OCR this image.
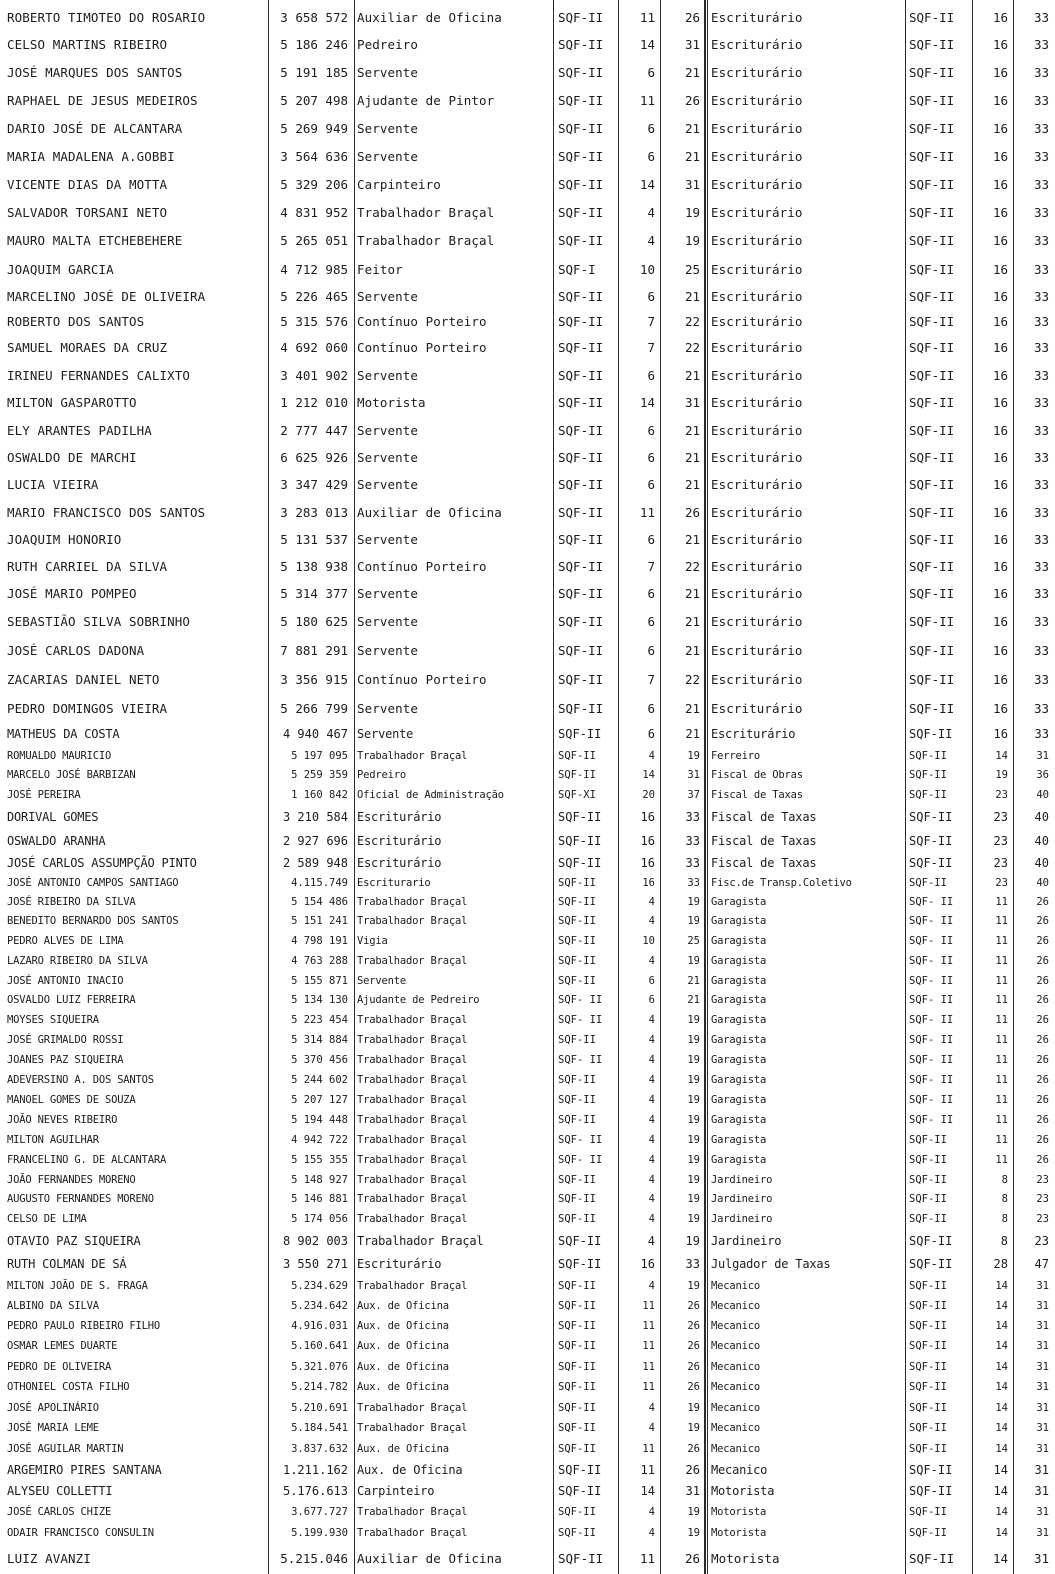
ROBERTO TIMOTEO DO ROSARIO	3 658 572 Auxiliar de Oficina	SQF-II	11	26 Escriturário	SQF-II	16	33
CELSO MARTINS RIBEIRO	5 186 246 Pedreiro	SQF-II	14	31 Escriturário	SQF-II	16	33
JOSÉ MARQUES DOS SANTOS	5 191 185 Servente	SQF-II	6	21 Escriturário	SQF-II	16	33
RAPHAEL DE JESUS MEDEIROS	5 207 498 Ajudante de Pintor	SQF-II	11	26 Escriturário	SQF-II	16	33
DARIO JOSÉ DE ALCANTARA	5 269 949 Servente	SQF-II	6	21 Escriturário	SQF-II	16	33
MARIA MADALENA A.GOBBI	3 564 636 Servente	SQF-II	6	21 Escriturário	SQF-II	16	33
VICENTE DIAS DA MOTTA	5 329 206 Carpinteiro	SQF-II	14	31 Escriturário	SQF-II	16	33
SALVADOR TORSANI NETO	4 831 952 Trabalhador Braçal	SQF-II	4	19 Escriturário	SQF-II	16	33
MAURO MALTA ETCHEBEHERE	5 265 051 Trabalhador Braçal	SQF-II	4	19 Escriturário	SQF-II	16	33
JOAQUIM GARCIA	4 712 985 Feitor	SQF-I	10	25 Escriturário	SQF-II	16	33
MARCELINO JOSÉ DE OLIVEIRA	5 226 465 Servente	SQF-II	6	21 Escriturário	SQF-II	16	33
ROBERTO DOS SANTOS	5 315 576 Contínuo Porteiro	SQF-II	7	22 Escriturário	SQF-II	16	33
SAMUEL MORAES DA CRUZ	4 692 060 Contínuo Porteiro	SQF-II	7	22 Escriturário	SQF-II	16	33
IRINEU FERNANDES CALIXTO	3 401 902 Servente	SQF-II	6	21 Escriturário	SQF-II	16	33
MILTON GASPAROTTO	1 212 010 Motorista	SQF-II	14	31 Escriturário	SQF-II	16	33
ELY ARANTES PADILHA	2 777 447 Servente	SQF-II	6	21 Escriturário	SQF-II	16	33
OSWALDO DE MARCHI	6 625 926 Servente	SQF-II	6	21 Escriturário	SQF-II	16	33
LUCIA VIEIRA	3 347 429 Servente	SQF-II	6	21 Escriturário	SQF-II	16	33
MARIO FRANCISCO DOS SANTOS	3 283 013 Auxiliar de Oficina	SQF-II	11	26 Escriturário	SQF-II	16	33
JOAQUIM HONORIO	5 131 537 Servente	SQF-II	6	21 Escriturário	SQF-II	16	33
RUTH CARRIEL DA SILVA	5 138 938 Contínuo Porteiro	SQF-II	7	22 Escriturário	SQF-II	16	33
JOSÉ MARIO POMPEO	5 314 377 Servente	SQF-II	6	21 Escriturário	SQF-II	16	33
SEBASTIÃO SILVA SOBRINHO	5 180 625 Servente	SQF-II	6	21 Escriturário	SQF-II	16	33
JOSÉ CARLOS DADONA	7 881 291 Servente	SQF-II	6	21 Escriturário	SQF-II	16	33
ZACARIAS DANIEL NETO	3 356 915 Contínuo Porteiro	SQF-II	7	22 Escriturário	SQF-II	16	33
PEDRO DOMINGOS VIEIRA	5 266 799 Servente	SQF-II	6	21 Escriturário	SQF-II	16	33
MATHEUS DA COSTA	4 940 467 Servente	SQF-II	6	21 Escriturário	SQF-II	16	33
ROMUALDO MAURICIO	5 197 095 Trabalhador Braçal	SQF-II	4	19	Ferreiro	SQF-II	14	31
MARCELO JOSÉ BARBIZAN	5 259 359 Pedreiro	SQF-II	14	31	Fiscal de Obras	SQF-II	19	36
JOSÉ PEREIRA	1 160 842 Oficial de Administração	SQF-XI	20	37	Fiscal de Taxas	SQF-II	23	40
DORIVAL GOMES	3 210 584 Escriturário	SQF-II	16	33 Fiscal de Taxas	SQF-II	23	40
OSWALDO ARANHA	2 927 696 Escriturário	SQF-II	16	33 Fiscal de Taxas	SQF-II	23	40
JOSÉ CARLOS ASSUMPÇÃO PINTO	2 589 948 Escriturário	SQF-II	16	33 Fiscal de Taxas	SQF-II	23	40
JOSÉ ANTONIO CAMPOS SANTIAGO	4.115.749 Escriturario	SQF-II	16	33	Fisc.de Transp.Coletivo	SQF-II	23	40
JOSÉ RIBEIRO DA SILVA	5 154 486 Trabalhador Braçal	SQF-II	4	19	Garagista	SQF- II	11	26
BENEDITO BERNARDO DOS SANTOS	5 151 241 Trabalhador Braçal	SQF-II	4	19	Garagista	SQF- II	11	26
PEDRO ALVES DE LIMA	4 798 191 Vigia	SQF-II	10	25	Garagista	SQF- II	11	26
LAZARO RIBEIRO DA SILVA	4 763 288 Trabalhador Braçal	SQF-II	4	19	Garagista	SQF- II	11	26
JOSÉ ANTONIO INACIO	5 155 871 Servente	SQF-II	6	21	Garagista	SQF- II	11	26
OSVALDO LUIZ FERREIRA	5 134 130 Ajudante de Pedreiro	SQF- II	6	21	Garagista	SQF- II	11	26
MOYSES SIQUEIRA	5 223 454 Trabalhador Braçal	SQF- II	4	19	Garagista	SQF- II	11	26
JOSÉ GRIMALDO ROSSI	5 314 884 Trabalhador Braçal	SQF-II	4	19	Garagista	SQF- II	11	26
JOANES PAZ SIQUEIRA	5 370 456 Trabalhador Braçal	SQF- II	4	19	Garagista	SQF- II	11	26
ADEVERSINO A. DOS SANTOS	5 244 602 Trabalhador Braçal	SQF-II	4	19	Garagista	SQF- II	11	26
MANOEL GOMES DE SOUZA	5 207 127 Trabalhador Braçal	SQF-II	4	19	Garagista	SQF- II	11	26
JOÃO NEVES RIBEIRO	5 194 448 Trabalhador Braçal	SQF-II	4	19	Garagista	SQF- II	11	26
MILTON AGUILHAR	4 942 722 Trabalhador Braçal	SQF- II	4	19	Garagista	SQF-II	11	26
FRANCELINO G. DE ALCANTARA	5 155 355 Trabalhador Braçal	SQF- II	4	19	Garagista	SQF-II	11	26
JOÃO FERNANDES MORENO	5 148 927 Trabalhador Braçal	SQF-II	4	19	Jardineiro	SQF-II	8	23
AUGUSTO FERNANDES MORENO	5 146 881 Trabalhador Braçal	SQF-II	4	19	Jardineiro	SQF-II	8	23
CELSO DE LIMA	5 174 056 Trabalhador Braçal	SQF-II	4	19	Jardineiro	SQF-II	8	23
OTAVIO PAZ SIQUEIRA	8 902 003 Trabalhador Braçal	SQF-II	4	19 Jardineiro	SQF-II	8	23
RUTH COLMAN DE SÁ	3 550 271 Escriturário	SQF-II	16	33 Julgador de Taxas	SQF-II	28	47
MILTON JOÃO DE S. FRAGA	5.234.629 Trabalhador Braçal	SQF-II	4	19	Mecanico	SQF-II	14	31
ALBINO DA SILVA	5.234.642 Aux. de Oficina	SQF-II	11	26	Mecanico	SQF-II	14	31
PEDRO PAULO RIBEIRO FILHO	4.916.031 Aux. de Oficina	SQF-II	11	26	Mecanico	SQF-II	14	31
OSMAR LEMES DUARTE	5.160.641 Aux. de Oficina	SQF-II	11	26	Mecanico	SQF-II	14	31
PEDRO DE OLIVEIRA	5.321.076 Aux. de Oficina	SQF-II	11	26	Mecanico	SQF-II	14	31
OTHONIEL COSTA FILHO	5.214.782 Aux. de Oficina	SQF-II	11	26	Mecanico	SQF-II	14	31
JOSÉ APOLINÁRIO	5.210.691 Trabalhador Braçal	SQF-II	4	19	Mecanico	SQF-II	14	31
JOSÉ MARIA LEME	5.184.541 Trabalhador Braçal	SQF-II	4	19	Mecanico	SQF-II	14	31
JOSÉ AGUILAR MARTIN	3.837.632 Aux. de Oficina	SQF-II	11	26	Mecanico	SQF-II	14	31
ARGEMIRO PIRES SANTANA	1.211.162 Aux. de Oficina	SQF-II	11	26 Mecanico	SQF-II	14	31
ALYSEU COLLETTI	5.176.613 Carpinteiro	SQF-II	14	31 Motorista	SQF-II	14	31
JOSÉ CARLOS CHIZE	3.677.727 Trabalhador Braçal	SQF-II	4	19	Motorista	SQF-II	14	31
ODAIR FRANCISCO CONSULIN	5.199.930 Trabalhador Braçal	SQF-II	4	19	Motorista	SQF-II	14	31
LUIZ AVANZI	5.215.046 Auxiliar de Oficina	SQF-II	11	26 Motorista	SQF-II	14	31
